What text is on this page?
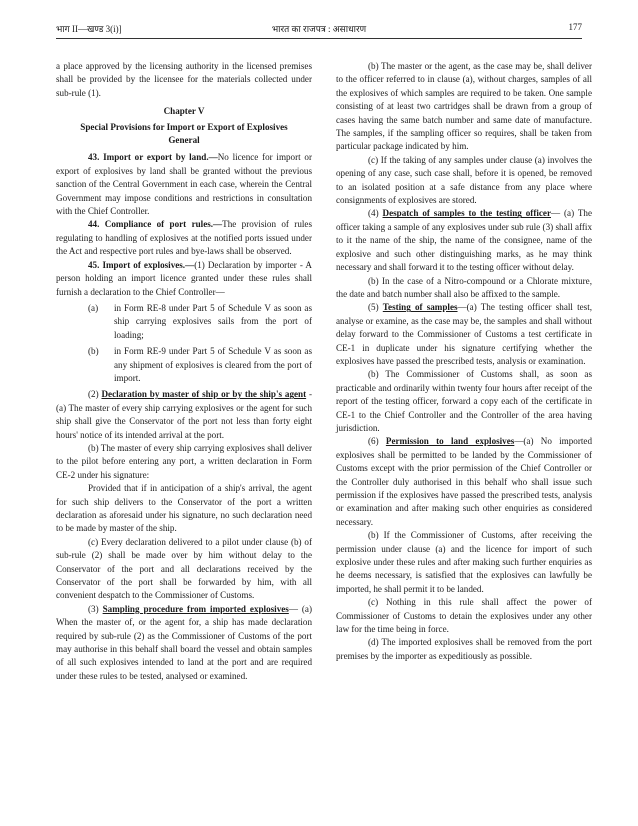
भाग II—खण्ड 3(i)]	भारत का राजपत्र : असाधारण	177

a place approved by the licensing authority in the licensed premises shall be provided by the licensee for the materials collected under sub-rule (1).

Chapter V

Special Provisions for Import or Export of Explosives General

43. Import or export by land.—No licence for import or export of explosives by land shall be granted without the previous sanction of the Central Government in each case, wherein the Central Government may impose conditions and restrictions in consultation with the Chief Controller.

44. Compliance of port rules.—The provision of rules regulating to handling of explosives at the notified ports issued under the Act and respective port rules and bye-laws shall be observed.

45. Import of explosives.—(1) Declaration by importer - A person holding an import licence granted under these rules shall furnish a declaration to the Chief Controller—

(a)	in Form RE-8 under Part 5 of Schedule V as soon as ship carrying explosives sails from the port of loading;
(b)	in Form RE-9 under Part 5 of Schedule V as soon as any shipment of explosives is cleared from the port of import.

(2) Declaration by master of ship or by the ship's agent - (a) The master of every ship carrying explosives or the agent for such ship shall give the Conservator of the port not less than forty eight hours' notice of its intended arrival at the port.

(b) The master of every ship carrying explosives shall deliver to the pilot before entering any port, a written declaration in Form CE-2 under his signature:

Provided that if in anticipation of a ship's arrival, the agent for such ship delivers to the Conservator of the port a written declaration as aforesaid under his signature, no such declaration need to be made by master of the ship.

(c) Every declaration delivered to a pilot under clause (b) of sub-rule (2) shall be made over by him without delay to the Conservator of the port and all declarations received by the Conservator of the port shall be forwarded by him, with all convenient despatch to the Commissioner of Customs.

(3) Sampling procedure from imported explosives— (a) When the master of, or the agent for, a ship has made declaration required by sub-rule (2) as the Commissioner of Customs of the port may authorise in this behalf shall board the vessel and obtain samples of all such explosives intended to land at the port and are required under these rules to be tested, analysed or examined.

(b) The master or the agent, as the case may be, shall deliver to the officer referred to in clause (a), without charges, samples of all the explosives of which samples are required to be taken. One sample consisting of at least two cartridges shall be drawn from a group of cases having the same batch number and same date of manufacture. The samples, if the sampling officer so requires, shall be taken from particular package indicated by him.

(c) If the taking of any samples under clause (a) involves the opening of any case, such case shall, before it is opened, be removed to an isolated position at a safe distance from any place where consignments of explosives are stored.

(4) Despatch of samples to the testing officer— (a) The officer taking a sample of any explosives under sub rule (3) shall affix to it the name of the ship, the name of the consignee, name of the explosive and such other distinguishing marks, as he may think necessary and shall forward it to the testing officer without delay.

(b) In the case of a Nitro-compound or a Chlorate mixture, the date and batch number shall also be affixed to the sample.

(5) Testing of samples—(a) The testing officer shall test, analyse or examine, as the case may be, the samples and shall without delay forward to the Commissioner of Customs a test certificate in CE-1 in duplicate under his signature certifying whether the explosives have passed the prescribed tests, analysis or examination.

(b) The Commissioner of Customs shall, as soon as practicable and ordinarily within twenty four hours after receipt of the report of the testing officer, forward a copy each of the certificate in CE-1 to the Chief Controller and the Controller of the area having jurisdiction.

(6) Permission to land explosives—(a) No imported explosives shall be permitted to be landed by the Commissioner of Customs except with the prior permission of the Chief Controller or the Controller duly authorised in this behalf who shall issue such permission if the explosives have passed the prescribed tests, analysis or examination and after making such other enquiries as considered necessary.

(b) If the Commissioner of Customs, after receiving the permission under clause (a) and the licence for import of such explosive under these rules and after making such further enquiries as he deems necessary, is satisfied that the explosives can lawfully be imported, he shall permit it to be landed.

(c) Nothing in this rule shall affect the power of Commissioner of Customs to detain the explosives under any other law for the time being in force.

(d) The imported explosives shall be removed from the port premises by the importer as expeditiously as possible.
